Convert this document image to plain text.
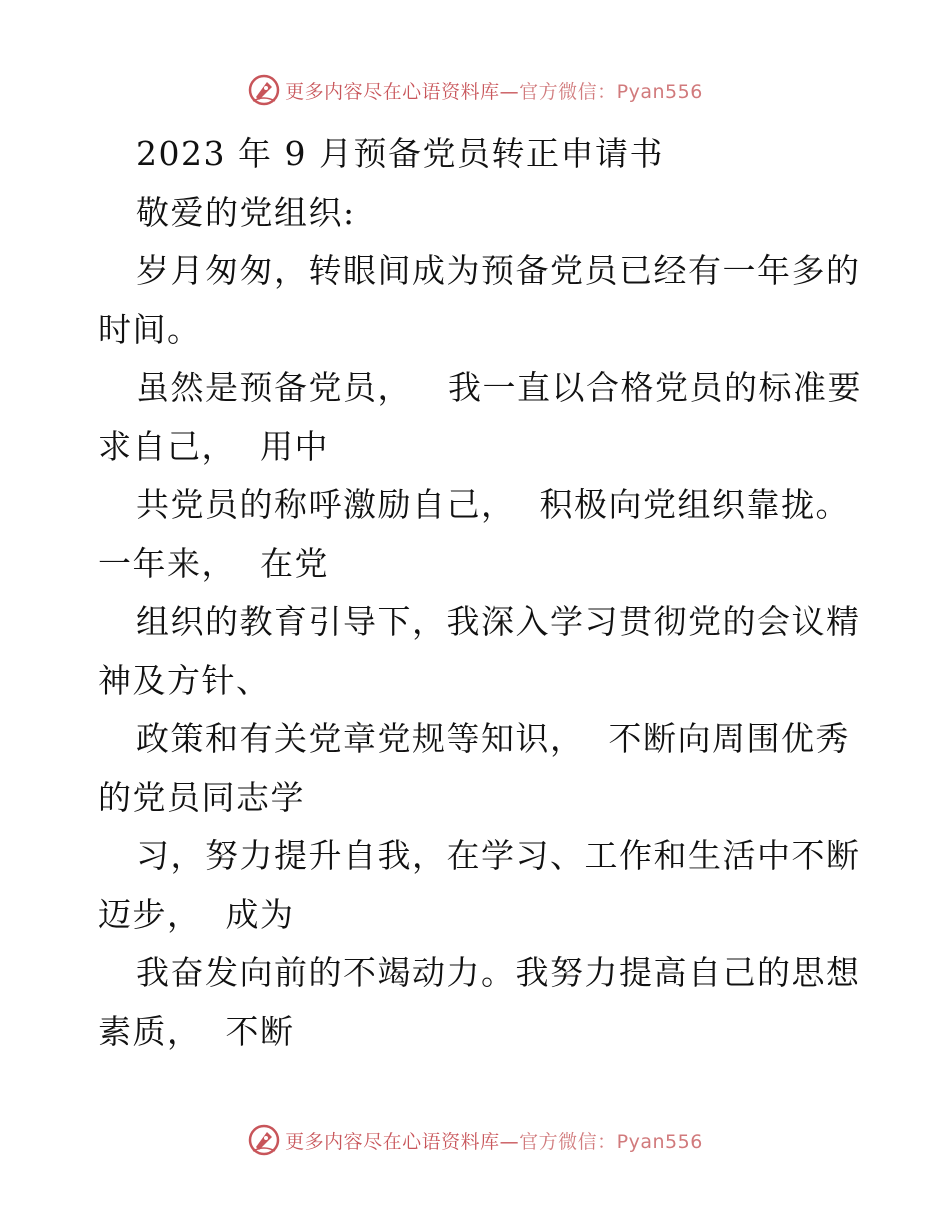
更多内容尽在心语资料库—官方微信：Pyan556
2023 年 9 月预备党员转正申请书
敬爱的党组织:
岁月匆匆，转眼间成为预备党员已经有一年多的
时间。
虽然是预备党员，   我一直以合格党员的标准要
求自己，  用中
共党员的称呼激励自己，  积极向党组织靠拢。
一年来，  在党
组织的教育引导下，我深入学习贯彻党的会议精
神及方针、
政策和有关党章党规等知识，  不断向周围优秀
的党员同志学
习，努力提升自我，在学习、工作和生活中不断
迈步，  成为
我奋发向前的不竭动力。我努力提高自己的思想
素质，  不断
更多内容尽在心语资料库—官方微信：Pyan556
